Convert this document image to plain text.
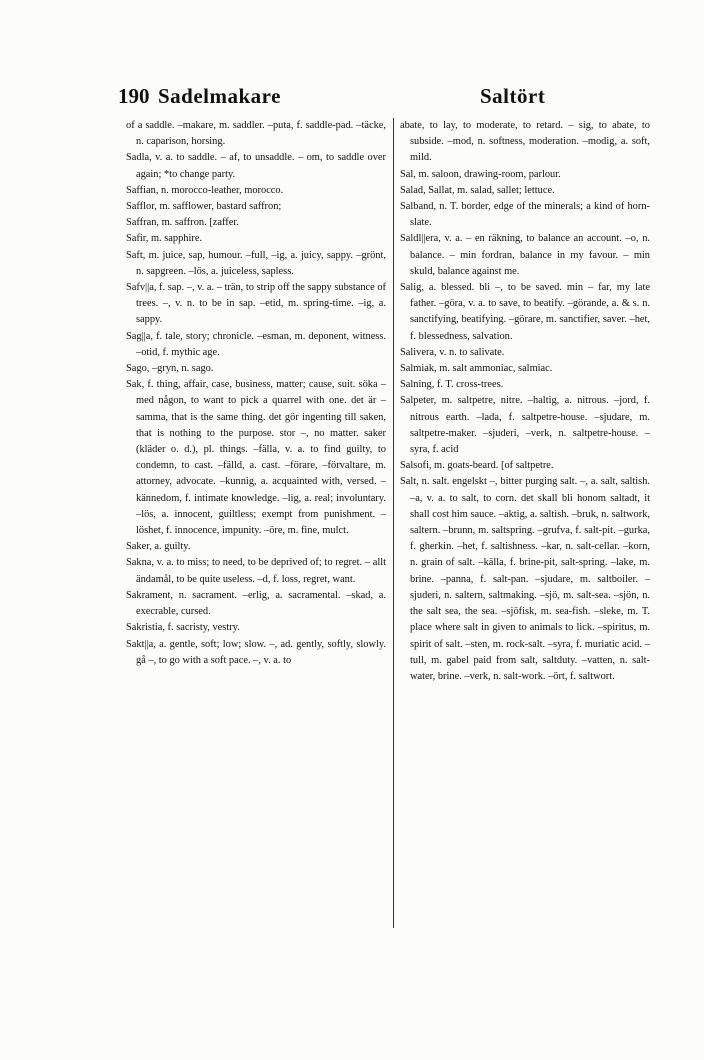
190 Sadelmakare	Saltört

of a saddle. –makare, m. saddler. –puta, f. saddle-pad. –täcke, n. caparison, horsing.

Sadla, v. a. to saddle. – af, to unsaddle. – om, to saddle over again; *to change party.

Saffian, n. morocco-leather, morocco.

Safflor, m. safflower, bastard saffron;

Saffran, m. saffron. [zaffer.

Safir, m. sapphire.

Saft, m. juice, sap, humour. –full, –ig, a. juicy, sappy. –grönt, n. sapgreen. –lös, a. juiceless, sapless.

Safv||a, f. sap. –, v. a. – trän, to strip off the sappy substance of trees. –, v. n. to be in sap. –etid, m. spring-time. –ig, a. sappy.

Sag||a, f. tale, story; chronicle. –esman, m. deponent, witness. –otid, f. mythic age.

Sago, –gryn, n. sago.

Sak, f. thing, affair, case, business, matter; cause, suit. söka – med någon, to want to pick a quarrel with one. det är – samma, that is the same thing. det gör ingenting till saken, that is nothing to the purpose. stor –, no matter. saker (kläder o. d.), pl. things. –fälla, v. a. to find guilty, to condemn, to cast. –fälld, a. cast. –förare, –förvaltare, m. attorney, advocate. –kunnig, a. acquainted with, versed. –kännedom, f. intimate knowledge. –lig, a. real; involuntary. –lös, a. innocent, guiltless; exempt from punishment. –löshet, f. innocence, impunity. –öre, m. fine, mulct.

Saker, a. guilty.

Sakna, v. a. to miss; to need, to be deprived of; to regret. – allt ändamål, to be quite useless. –d, f. loss, regret, want.

Sakrament, n. sacrament. –erlig, a. sacramental. –skad, a. execrable, cursed.

Sakristia, f. sacristy, vestry.

Sakt||a, a. gentle, soft; low; slow. –, ad. gently, softly, slowly. gå –, to go with a soft pace. –, v. a. to

abate, to lay, to moderate, to retard. – sig, to abate, to subside. –mod, n. softness, moderation. –modig, a. soft, mild.

Sal, m. saloon, drawing-room, parlour.

Salad, Sallat, m. salad, sallet; lettuce.

Salband, n. T. border, edge of the minerals; a kind of horn-slate.

Saldl||era, v. a. – en räkning, to balance an account. –o, n. balance. – min fordran, balance in my favour. – min skuld, balance against me.

Salig, a. blessed. bli –, to be saved. min – far, my late father. –göra, v. a. to save, to beatify. –görande, a. & s. n. sanctifying, beatifying. –görare, m. sanctifier, saver. –het, f. blessedness, salvation.

Salivera, v. n. to salivate.

Salmiak, m. salt ammoniac, salmiac.

Salning, f. T. cross-trees.

Salpeter, m. saltpetre, nitre. –haltig, a. nitrous. –jord, f. nitrous earth. –lada, f. saltpetre-house. –sjudare, m. saltpetre-maker. –sjuderi, –verk, n. saltpetre-house. –syra, f. acid

Salsofi, m. goats-beard. [of saltpetre.

Salt, n. salt. engelskt –, bitter purging salt. –, a. salt, saltish. –a, v. a. to salt, to corn. det skall bli honom saltadt, it shall cost him sauce. –aktig, a. saltish. –bruk, n. saltwork, saltern. –brunn, m. saltspring. –grufva, f. salt-pit. –gurka, f. gherkin. –het, f. saltishness. –kar, n. salt-cellar. –korn, n. grain of salt. –källa, f. brine-pit, salt-spring. –lake, m. brine. –panna, f. salt-pan. –sjudare, m. saltboiler. –sjuderi, n. saltern, saltmaking. –sjö, m. salt-sea. –sjön, n. the salt sea, the sea. –sjöfisk, m. sea-fish. –sleke, m. T. place where salt in given to animals to lick. –spiritus, m. spirit of salt. –sten, m. rock-salt. –syra, f. muriatic acid. –tull, m. gabel paid from salt, saltduty. –vatten, n. salt-water, brine. –verk, n. salt-work. –ört, f. saltwort.
